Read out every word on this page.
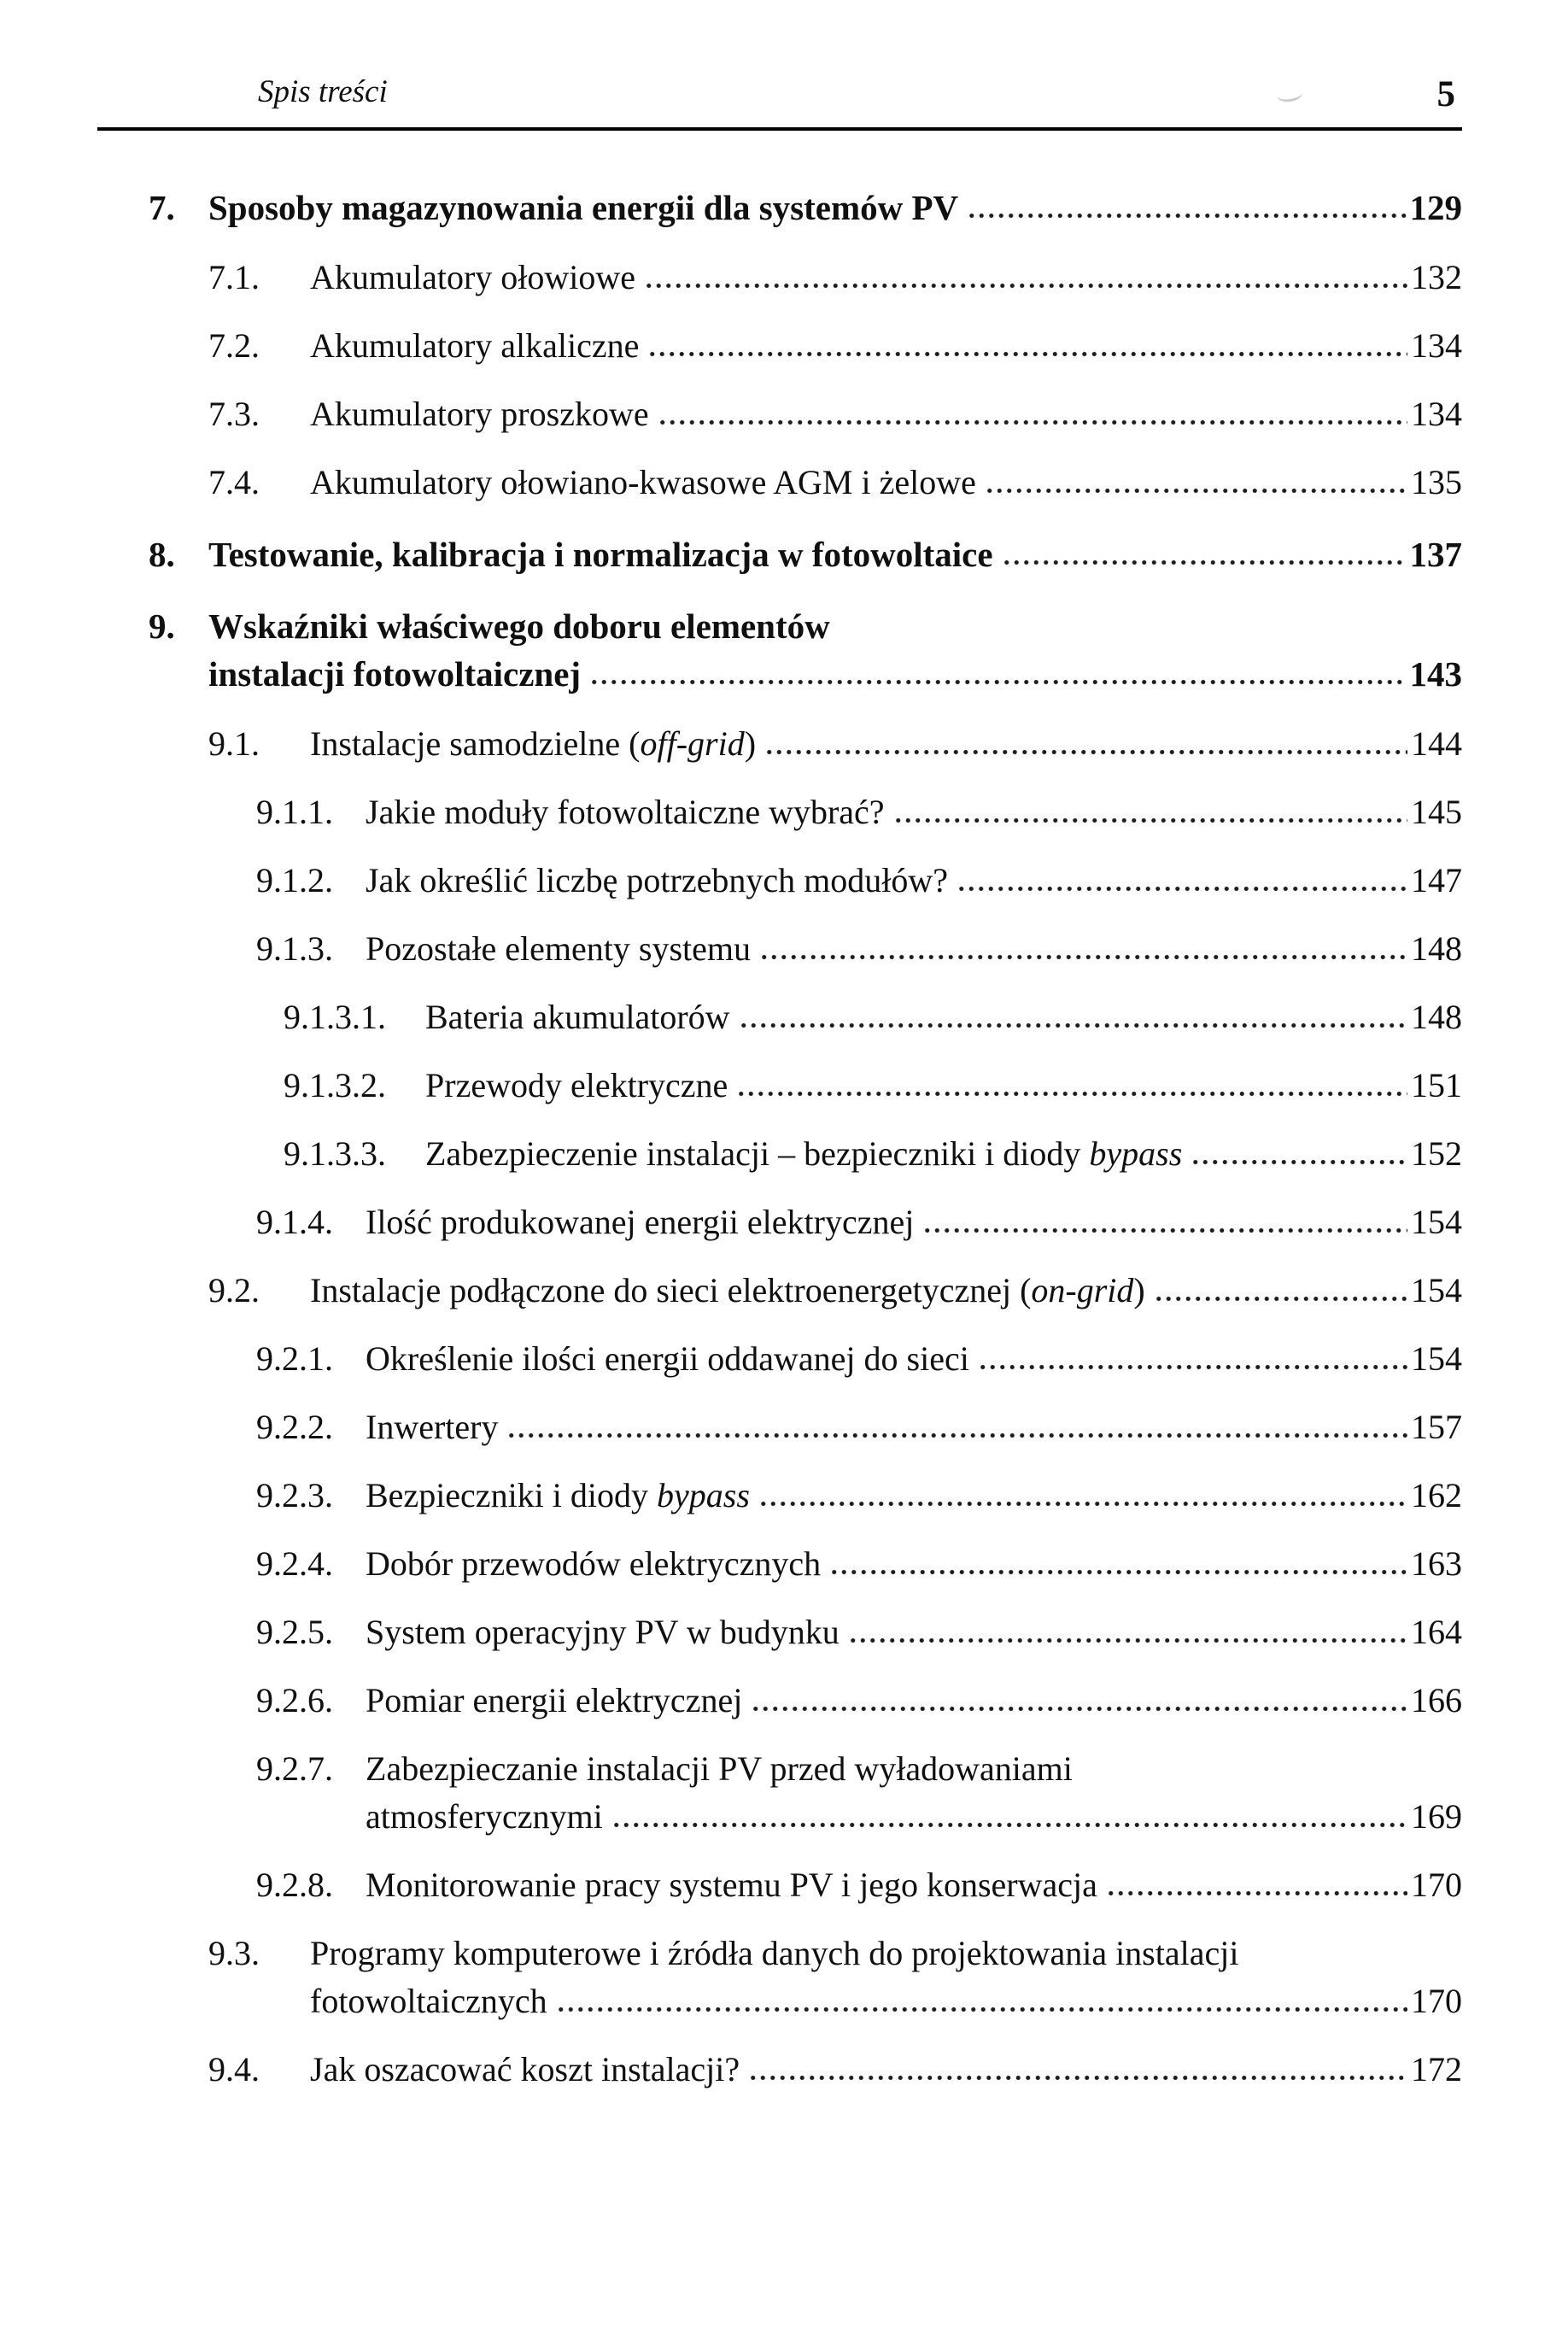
Spis treści	5
7. Sposoby magazynowania energii dla systemów PV	129
7.1.	Akumulatory ołowiowe	132
7.2.	Akumulatory alkaliczne	134
7.3.	Akumulatory proszkowe	134
7.4.	Akumulatory ołowiano-kwasowe AGM i żelowe	135
8. Testowanie, kalibracja i normalizacja w fotowoltaice	137
9. Wskaźniki właściwego doboru elementów
instalacji fotowoltaicznej	143
9.1.	Instalacje samodzielne (off-grid)	144
9.1.1. Jakie moduły fotowoltaiczne wybrać?	145
9.1.2. Jak określić liczbę potrzebnych modułów?	147
9.1.3. Pozostałe elementy systemu	148
9.1.3.1.	Bateria akumulatorów	148
9.1.3.2.	Przewody elektryczne	151
9.1.3.3.	Zabezpieczenie instalacji – bezpieczniki i diody bypass	152
9.1.4. Ilość produkowanej energii elektrycznej	154
9.2.	Instalacje podłączone do sieci elektroenergetycznej (on-grid)	154
9.2.1. Określenie ilości energii oddawanej do sieci	154
9.2.2. Inwertery	157
9.2.3. Bezpieczniki i diody bypass	162
9.2.4. Dobór przewodów elektrycznych	163
9.2.5. System operacyjny PV w budynku	164
9.2.6. Pomiar energii elektrycznej	166
9.2.7. Zabezpieczanie instalacji PV przed wyładowaniami
atmosferycznymi	169
9.2.8. Monitorowanie pracy systemu PV i jego konserwacja	170
9.3.	Programy komputerowe i źródła danych do projektowania instalacji
fotowoltaicznych	170
9.4.	Jak oszacować koszt instalacji?	172
